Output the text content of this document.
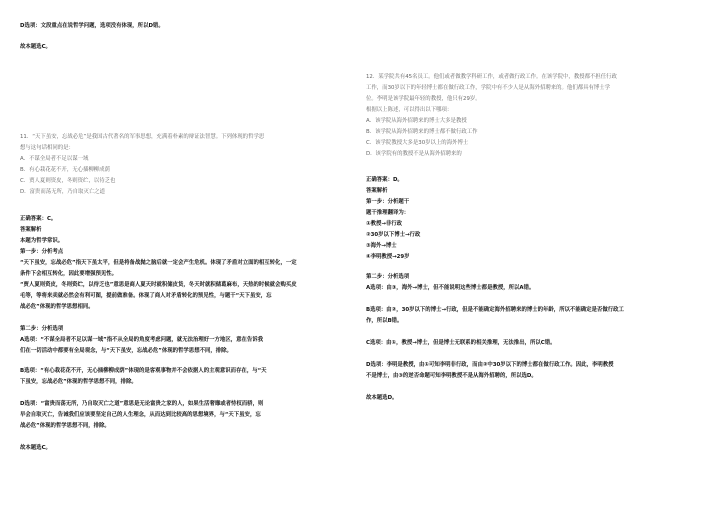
D选项：文段重点在说哲学问题，选项没有体现，所以D错。
故本题选C。
11．“天下虽安，忘战必危”是我国古代著名的军事思想，充满着朴素的辩证法智慧。下列体现的哲学思
想与这句话相同的是：
A．不谋全局者不足以谋一域
B．有心栽花花不开，无心插柳柳成荫
C．贾人夏则资皮，冬则资纻，以待乏也
D．富贵而荡无所，乃自取灭亡之道
正确答案：C。
答案解析
本题为哲学常识。
第一步：分析考点
“天下虽安，忘战必危”指天下虽太平，但是将备战抛之脑后就一定会产生危机。体现了矛盾对立面的相互转化，一定
条件下会相互转化，因此要增强预见性。
“贾人夏则资皮，冬则资纻，以待乏也”意思是商人夏天时就积储皮货，冬天时就积储葛麻布，天热的时候就会购买皮
毛等，等将来卖就必然会有利可图，提前做准备。体现了商人对矛盾转化的预见性，与题干“天下虽安，忘
战必危”体现的哲学思想相同。
第二步：分析选项
A选项：“不谋全局者不足以谋一域”指不从全局的角度考虑问题，就无法治理好一方地区，意在告诉我
们在一切活动中都要有全局观念，与“天下虽安，忘战必危”体现的哲学思想不同，排除。
B选项：“有心栽花花不开，无心插柳柳成荫”体现的是客观事物并不会依据人的主观意识而存在，与“天
下虽安，忘战必危”体现的哲学思想不同，排除。
D选项：“富贵而荡无所，乃自取灭亡之道”意思是无论富贵之家的人，如果生活奢靡或者恃权而骄，则
早会自取灭亡，告诫我们应该要坚定自己的人生理念，从而达到比较高的思想境界，与“天下虽安，忘
战必危”体现的哲学思想不同，排除。
故本题选C。
12．某学院共有45名员工。他们或者做教学科研工作，或者做行政工作。在该学院中，教授都不担任行政
工作，而30岁以下的年轻博士都在做行政工作，学院中有不少人是从海外招聘来的。他们都具有博士学
位。李明是该学院最年轻的教授，他只有29岁。
根据以上陈述，可以得出以下哪项：
A．该学院从海外招聘来的博士大多是教授
B．该学院从海外招聘来的博士都不做行政工作
C．该学院教授大多是30岁以上的海外博士
D．该学院有的教授不是从海外招聘来的
正确答案：D。
答案解析
第一步：分析题干
题干推理翻译为：
①教授→非行政
②30岁以下博士→行政
③海外→博士
④李明教授→29岁
第二步：分析选项
A选项：由③，海外→博士，但不能说明这些博士都是教授，所以A错。
B选项：由②，30岁以下的博士→行政，但是不能确定海外招聘来的博士的年龄，所以不能确定是否做行政工
作，所以B错。
C选项：由①，教授→博士，但是博士无联系的相关推理，无法推出，所以C错。
D选项：李明是教授，由①可知李明非行政，而由②中30岁以下的博士都在做行政工作。因此，李明教授
不是博士，由③的逆否命题可知李明教授不是从海外招聘的，所以选D。
故本题选D。
